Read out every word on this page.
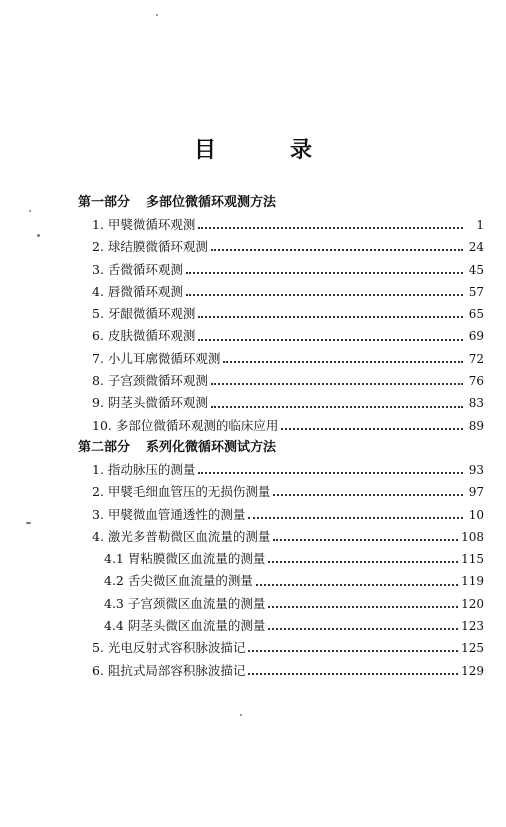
目　录
第一部分 多部位微循环观测方法
1. 甲襞微循环观测	1
2. 球结膜微循环观测	24
3. 舌微循环观测	45
4. 唇微循环观测	57
5. 牙龈微循环观测	65
6. 皮肤微循环观测	69
7. 小儿耳廓微循环观测	72
8. 子宫颈微循环观测	76
9. 阴茎头微循环观测	83
10. 多部位微循环观测的临床应用	89
第二部分 系列化微循环测试方法
1. 指动脉压的测量	93
2. 甲襞毛细血管压的无损伤测量	97
3. 甲襞微血管通透性的测量	10
4. 激光多普勒微区血流量的测量	108
4.1 胃粘膜微区血流量的测量	115
4.2 舌尖微区血流量的测量	119
4.3 子宫颈微区血流量的测量	120
4.4 阴茎头微区血流量的测量	123
5. 光电反射式容积脉波描记	125
6. 阻抗式局部容积脉波描记	129
